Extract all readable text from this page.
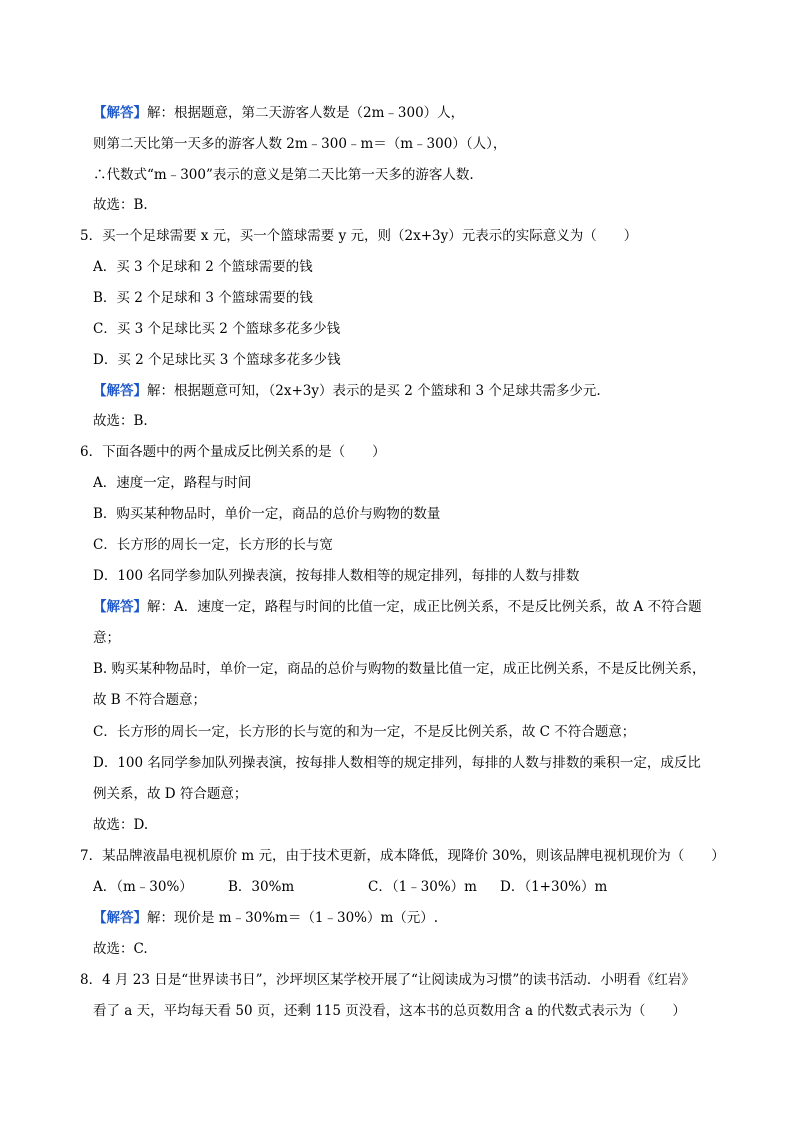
【解答】解：根据题意，第二天游客人数是（2m﹣300）人，
则第二天比第一天多的游客人数 2m﹣300﹣m＝（m﹣300）（人），
∴代数式“m﹣300”表示的意义是第二天比第一天多的游客人数.
故选：B.
5．买一个足球需要 x 元，买一个篮球需要 y 元，则（2x+3y）元表示的实际意义为（　　）
A．买 3 个足球和 2 个篮球需要的钱
B．买 2 个足球和 3 个篮球需要的钱
C．买 3 个足球比买 2 个篮球多花多少钱
D．买 2 个足球比买 3 个篮球多花多少钱
【解答】解：根据题意可知，（2x+3y）表示的是买 2 个篮球和 3 个足球共需多少元.
故选：B.
6．下面各题中的两个量成反比例关系的是（　　）
A．速度一定，路程与时间
B．购买某种物品时，单价一定，商品的总价与购物的数量
C．长方形的周长一定，长方形的长与宽
D．100 名同学参加队列操表演，按每排人数相等的规定排列，每排的人数与排数
【解答】解：A．速度一定，路程与时间的比值一定，成正比例关系，不是反比例关系，故 A 不符合题
意；
B. 购买某种物品时，单价一定，商品的总价与购物的数量比值一定，成正比例关系，不是反比例关系，
故 B 不符合题意；
C．长方形的周长一定，长方形的长与宽的和为一定，不是反比例关系，故 C 不符合题意；
D．100 名同学参加队列操表演，按每排人数相等的规定排列，每排的人数与排数的乘积一定，成反比
例关系，故 D 符合题意；
故选：D.
7．某品牌液晶电视机原价 m 元，由于技术更新，成本降低，现降价 30%，则该品牌电视机现价为（　　）
A．（m﹣30%）	B．30%m	C．（1﹣30%）m D．（1+30%）m
【解答】解：现价是 m﹣30%m＝（1﹣30%）m（元）.
故选：C.
8．4 月 23 日是“世界读书日”，沙坪坝区某学校开展了“让阅读成为习惯”的读书活动．小明看《红岩》
看了 a 天，平均每天看 50 页，还剩 115 页没看，这本书的总页数用含 a 的代数式表示为（　　）
